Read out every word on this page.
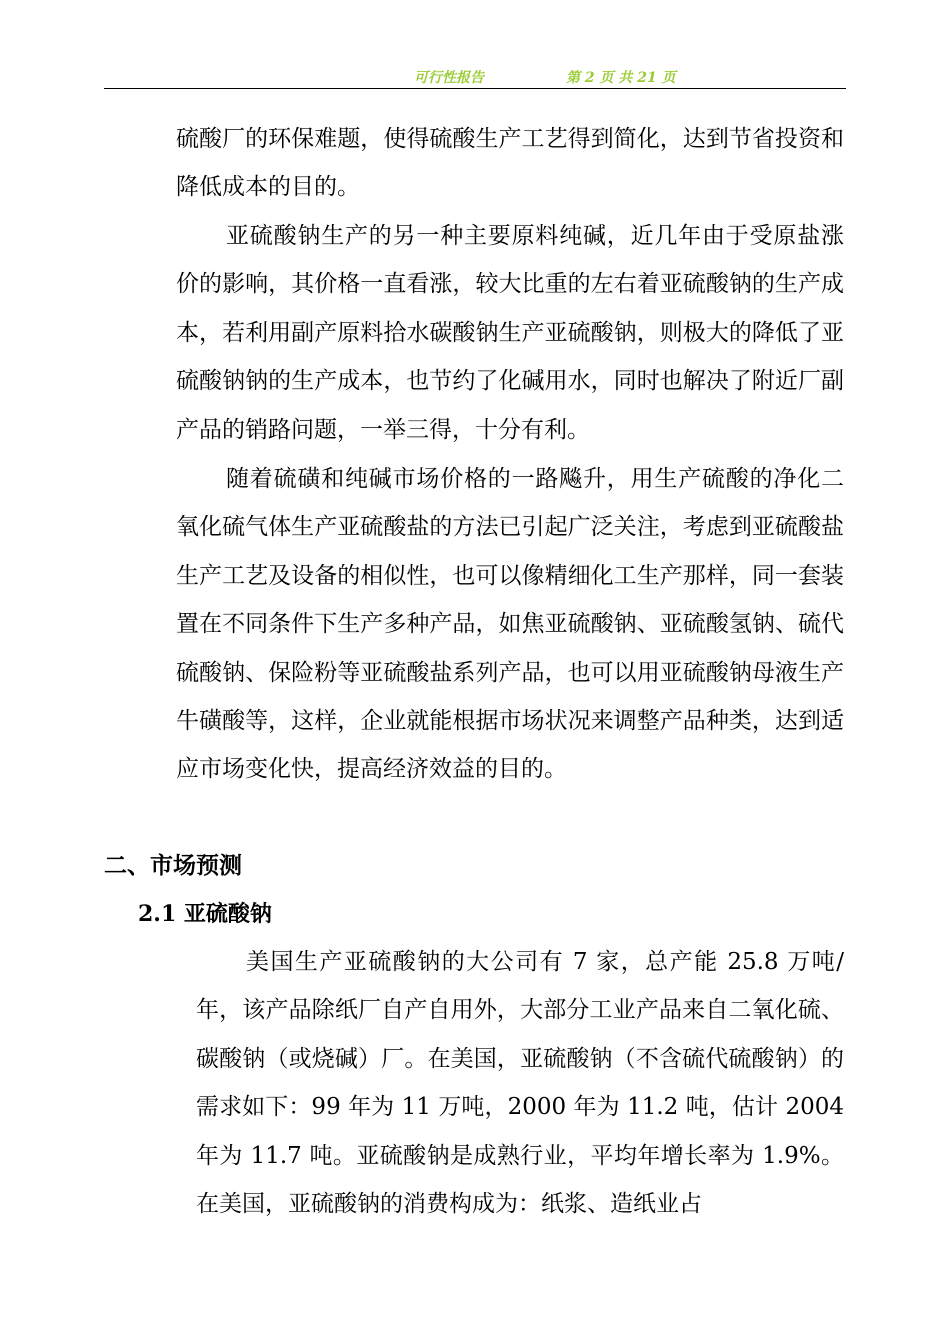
可行性报告	第 2 页 共 21 页

硫酸厂的环保难题，使得硫酸生产工艺得到简化，达到节省投资和降低成本的目的。

亚硫酸钠生产的另一种主要原料纯碱，近几年由于受原盐涨价的影响，其价格一直看涨，较大比重的左右着亚硫酸钠的生产成本，若利用副产原料拾水碳酸钠生产亚硫酸钠，则极大的降低了亚硫酸钠钠的生产成本，也节约了化碱用水，同时也解决了附近厂副产品的销路问题，一举三得，十分有利。

随着硫磺和纯碱市场价格的一路飚升，用生产硫酸的净化二氧化硫气体生产亚硫酸盐的方法已引起广泛关注，考虑到亚硫酸盐生产工艺及设备的相似性，也可以像精细化工生产那样，同一套装置在不同条件下生产多种产品，如焦亚硫酸钠、亚硫酸氢钠、硫代硫酸钠、保险粉等亚硫酸盐系列产品，也可以用亚硫酸钠母液生产牛磺酸等，这样，企业就能根据市场状况来调整产品种类，达到适应市场变化快，提高经济效益的目的。

二、市场预测
2.1 亚硫酸钠

美国生产亚硫酸钠的大公司有 7 家，总产能 25.8 万吨/年，该产品除纸厂自产自用外，大部分工业产品来自二氧化硫、碳酸钠（或烧碱）厂。在美国，亚硫酸钠（不含硫代硫酸钠）的需求如下：99 年为 11 万吨，2000 年为 11.2 吨，估计 2004 年为 11.7 吨。亚硫酸钠是成熟行业，平均年增长率为 1.9%。在美国，亚硫酸钠的消费构成为：纸浆、造纸业占
